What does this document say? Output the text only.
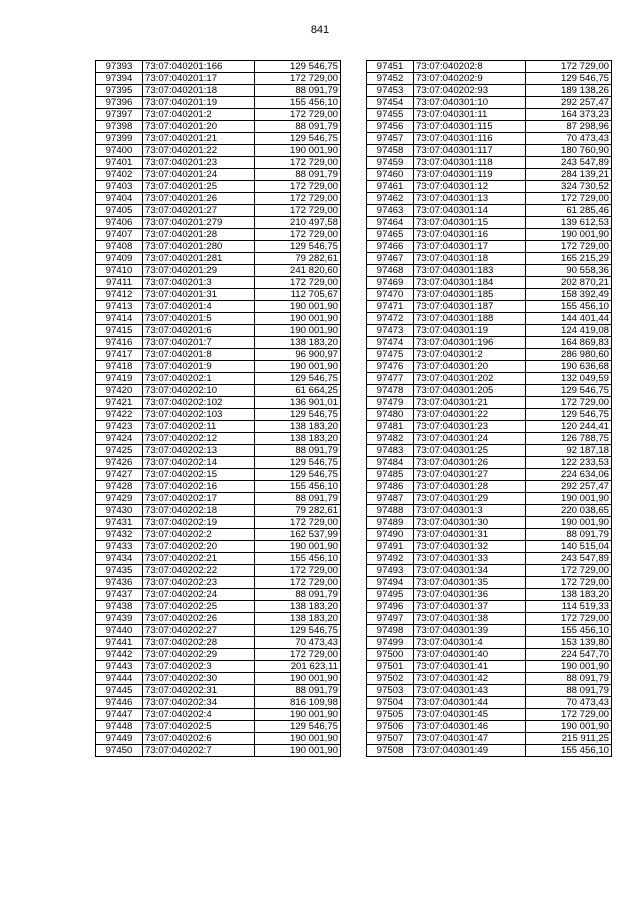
841
97393	73:07:040201:166	129 546,75
97394	73:07:040201:17	172 729,00
97395	73:07:040201:18	88 091,79
97396	73:07:040201:19	155 456,10
97397	73:07:040201:2	172 729,00
97398	73:07:040201:20	88 091,79
97399	73:07:040201:21	129 546,75
97400	73:07:040201:22	190 001,90
97401	73:07:040201:23	172 729,00
97402	73:07:040201:24	88 091,79
97403	73:07:040201:25	172 729,00
97404	73:07:040201:26	172 729,00
97405	73:07:040201:27	172 729,00
97406	73:07:040201:279	210 497,58
97407	73:07:040201:28	172 729,00
97408	73:07:040201:280	129 546,75
97409	73:07:040201:281	79 282,61
97410	73:07:040201:29	241 820,60
97411	73:07:040201:3	172 729,00
97412	73:07:040201:31	112 705,67
97413	73:07:040201:4	190 001,90
97414	73:07:040201:5	190 001,90
97415	73:07:040201:6	190 001,90
97416	73:07:040201:7	138 183,20
97417	73:07:040201:8	96 900,97
97418	73:07:040201:9	190 001,90
97419	73:07:040202:1	129 546,75
97420	73:07:040202:10	61 664,25
97421	73:07:040202:102	136 901,01
97422	73:07:040202:103	129 546,75
97423	73:07:040202:11	138 183,20
97424	73:07:040202:12	138 183,20
97425	73:07:040202:13	88 091,79
97426	73:07:040202:14	129 546,75
97427	73:07:040202:15	129 546,75
97428	73:07:040202:16	155 456,10
97429	73:07:040202:17	88 091,79
97430	73:07:040202:18	79 282,61
97431	73:07:040202:19	172 729,00
97432	73:07:040202:2	162 537,99
97433	73:07:040202:20	190 001,90
97434	73:07:040202:21	155 456,10
97435	73:07:040202:22	172 729,00
97436	73:07:040202:23	172 729,00
97437	73:07:040202:24	88 091,79
97438	73:07:040202:25	138 183,20
97439	73:07:040202:26	138 183,20
97440	73:07:040202:27	129 546,75
97441	73:07:040202:28	70 473,43
97442	73:07:040202:29	172 729,00
97443	73:07:040202:3	201 623,11
97444	73:07:040202:30	190 001,90
97445	73:07:040202:31	88 091,79
97446	73:07:040202:34	816 109,98
97447	73:07:040202:4	190 001,90
97448	73:07:040202:5	129 546,75
97449	73:07:040202:6	190 001,90
97450	73:07:040202:7	190 001,90
97451	73:07:040202:8	172 729,00
97452	73:07:040202:9	129 546,75
97453	73:07:040202:93	189 138,26
97454	73:07:040301:10	292 257,47
97455	73:07:040301:11	164 373,23
97456	73:07:040301:115	87 298,96
97457	73:07:040301:116	70 473,43
97458	73:07:040301:117	180 760,90
97459	73:07:040301:118	243 547,89
97460	73:07:040301:119	284 139,21
97461	73:07:040301:12	324 730,52
97462	73:07:040301:13	172 729,00
97463	73:07:040301:14	61 285,46
97464	73:07:040301:15	139 612,53
97465	73:07:040301:16	190 001,90
97466	73:07:040301:17	172 729,00
97467	73:07:040301:18	165 215,29
97468	73:07:040301:183	90 558,36
97469	73:07:040301:184	202 870,21
97470	73:07:040301:185	158 392,49
97471	73:07:040301:187	155 456,10
97472	73:07:040301:188	144 401,44
97473	73:07:040301:19	124 419,08
97474	73:07:040301:196	164 869,83
97475	73:07:040301:2	286 980,60
97476	73:07:040301:20	190 636,68
97477	73:07:040301:202	132 049,59
97478	73:07:040301:205	129 546,75
97479	73:07:040301:21	172 729,00
97480	73:07:040301:22	129 546,75
97481	73:07:040301:23	120 244,41
97482	73:07:040301:24	126 788,75
97483	73:07:040301:25	92 187,18
97484	73:07:040301:26	122 233,53
97485	73:07:040301:27	224 634,06
97486	73:07:040301:28	292 257,47
97487	73:07:040301:29	190 001,90
97488	73:07:040301:3	220 038,65
97489	73:07:040301:30	190 001,90
97490	73:07:040301:31	88 091,79
97491	73:07:040301:32	140 515,04
97492	73:07:040301:33	243 547,89
97493	73:07:040301:34	172 729,00
97494	73:07:040301:35	172 729,00
97495	73:07:040301:36	138 183,20
97496	73:07:040301:37	114 519,33
97497	73:07:040301:38	172 729,00
97498	73:07:040301:39	155 456,10
97499	73:07:040301:4	153 139,80
97500	73:07:040301:40	224 547,70
97501	73:07:040301:41	190 001,90
97502	73:07:040301:42	88 091,79
97503	73:07:040301:43	88 091,79
97504	73:07:040301:44	70 473,43
97505	73:07:040301:45	172 729,00
97506	73:07:040301:46	190 001,90
97507	73:07:040301:47	215 911,25
97508	73:07:040301:49	155 456,10
